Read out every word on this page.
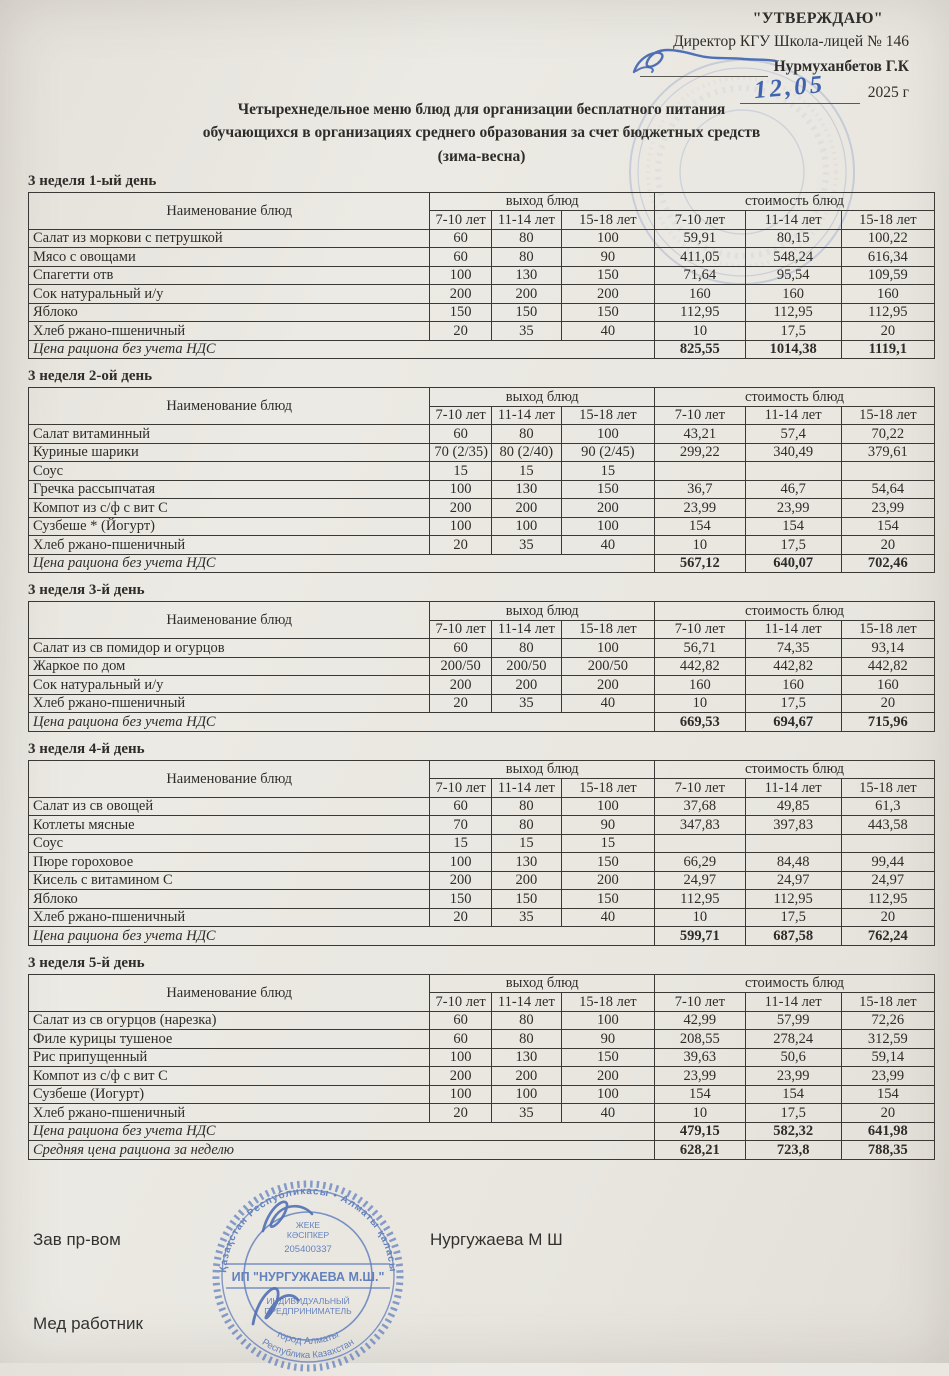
"УТВЕРЖДАЮ"
Директор КГУ Школа-лицей № 146
Нурмуханбетов Г.К
12,05	2025 г
Четырехнедельное меню блюд для организации бесплатного питания
обучающихся в организациях среднего образования за счет бюджетных средств
(зима-весна)
3 неделя 1-ый день
Наименование блюд	выход блюд			стоимость блюд		
	7-10 лет	11-14 лет	15-18 лет	7-10 лет	11-14 лет	15-18 лет
Салат из моркови с петрушкой	60	80	100	59,91	80,15	100,22
Мясо с овощами	60	80	90	411,05	548,24	616,34
Спагетти отв	100	130	150	71,64	95,54	109,59
Сок натуральный и/у	200	200	200	160	160	160
Яблоко	150	150	150	112,95	112,95	112,95
Хлеб ржано-пшеничный	20	35	40	10	17,5	20
Цена рациона без учета НДС				825,55	1014,38	1119,1
3 неделя 2-ой день
Наименование блюд	выход блюд			стоимость блюд		
	7-10 лет	11-14 лет	15-18 лет	7-10 лет	11-14 лет	15-18 лет
Салат витаминный	60	80	100	43,21	57,4	70,22
Куриные шарики	70 (2/35)	80 (2/40)	90 (2/45)	299,22	340,49	379,61
Соус	15	15	15			
Гречка рассыпчатая	100	130	150	36,7	46,7	54,64
Компот из с/ф с вит С	200	200	200	23,99	23,99	23,99
Сузбеше * (Йогурт)	100	100	100	154	154	154
Хлеб ржано-пшеничный	20	35	40	10	17,5	20
Цена рациона без учета НДС				567,12	640,07	702,46
3 неделя 3-й день
Наименование блюд	выход блюд			стоимость блюд		
	7-10 лет	11-14 лет	15-18 лет	7-10 лет	11-14 лет	15-18 лет
Салат из св помидор и огурцов	60	80	100	56,71	74,35	93,14
Жаркое по дом	200/50	200/50	200/50	442,82	442,82	442,82
Сок натуральный и/у	200	200	200	160	160	160
Хлеб ржано-пшеничный	20	35	40	10	17,5	20
Цена рациона без учета НДС				669,53	694,67	715,96
3 неделя 4-й день
Наименование блюд	выход блюд			стоимость блюд		
	7-10 лет	11-14 лет	15-18 лет	7-10 лет	11-14 лет	15-18 лет
Салат из св овощей	60	80	100	37,68	49,85	61,3
Котлеты мясные	70	80	90	347,83	397,83	443,58
Соус	15	15	15			
Пюре гороховое	100	130	150	66,29	84,48	99,44
Кисель с витамином С	200	200	200	24,97	24,97	24,97
Яблоко	150	150	150	112,95	112,95	112,95
Хлеб ржано-пшеничный	20	35	40	10	17,5	20
Цена рациона без учета НДС				599,71	687,58	762,24
3 неделя 5-й день
Наименование блюд	выход блюд			стоимость блюд		
	7-10 лет	11-14 лет	15-18 лет	7-10 лет	11-14 лет	15-18 лет
Салат из св огурцов (нарезка)	60	80	100	42,99	57,99	72,26
Филе курицы тушеное	60	80	90	208,55	278,24	312,59
Рис припущенный	100	130	150	39,63	50,6	59,14
Компот из с/ф с вит С	200	200	200	23,99	23,99	23,99
Сузбеше (Иогурт)	100	100	100	154	154	154
Хлеб ржано-пшеничный	20	35	40	10	17,5	20
Цена рациона без учета НДС				479,15	582,32	641,98
Средняя цена рациона за неделю				628,21	723,8	788,35
Зав пр-вом	Нургужаева М Ш
Мед работник
ИП "НУРГУЖАЕВА М.Ш."
ЖЕКЕ
КӘСІПКЕР
205400337
ИНДИВИДУАЛЬНЫЙ
ПРЕДПРИНИМАТЕЛЬ
Қазақстан Республикасы • Алматы қаласы
город Алматы
Республика Казахстан
